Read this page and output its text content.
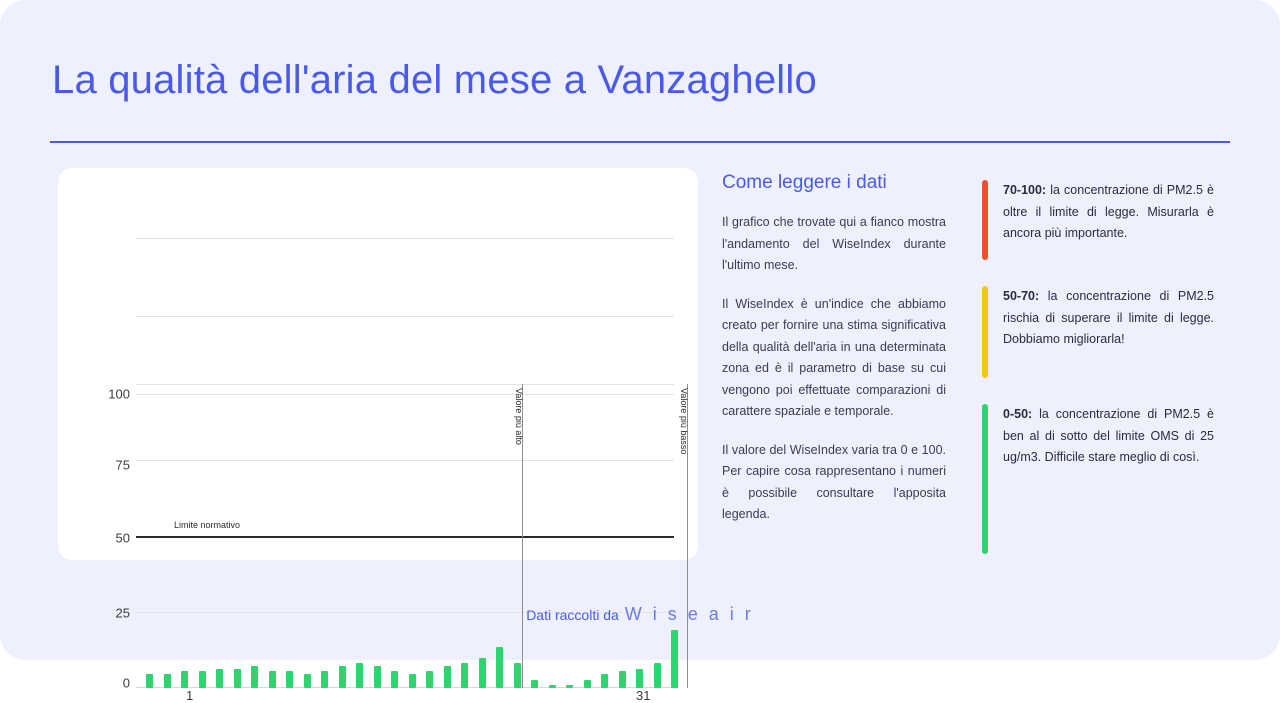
La qualità dell'aria del mese a Vanzaghello
100
75
50
25
0
Limite normativo
Valore più alto	Valore più basso
1	31
Come leggere i dati

Il grafico che trovate qui a fianco mostra l'andamento del WiseIndex durante l'ultimo mese.

Il WiseIndex è un'indice che abbiamo creato per fornire una stima significativa della qualità dell'aria in una determinata zona ed è il parametro di base su cui vengono poi effettuate comparazioni di carattere spaziale e temporale.

Il valore del WiseIndex varia tra 0 e 100. Per capire cosa rappresentano i numeri è possibile consultare l'apposita legenda.

70-100: la concentrazione di PM2.5 è oltre il limite di legge. Misurarla è ancora più importante.
50-70: la concentrazione di PM2.5 rischia di superare il limite di legge. Dobbiamo migliorarla!
0-50: la concentrazione di PM2.5 è ben al di sotto del limite OMS di 25 ug/m3. Difficile stare meglio di così.
Dati raccolti da W i s e a i r
